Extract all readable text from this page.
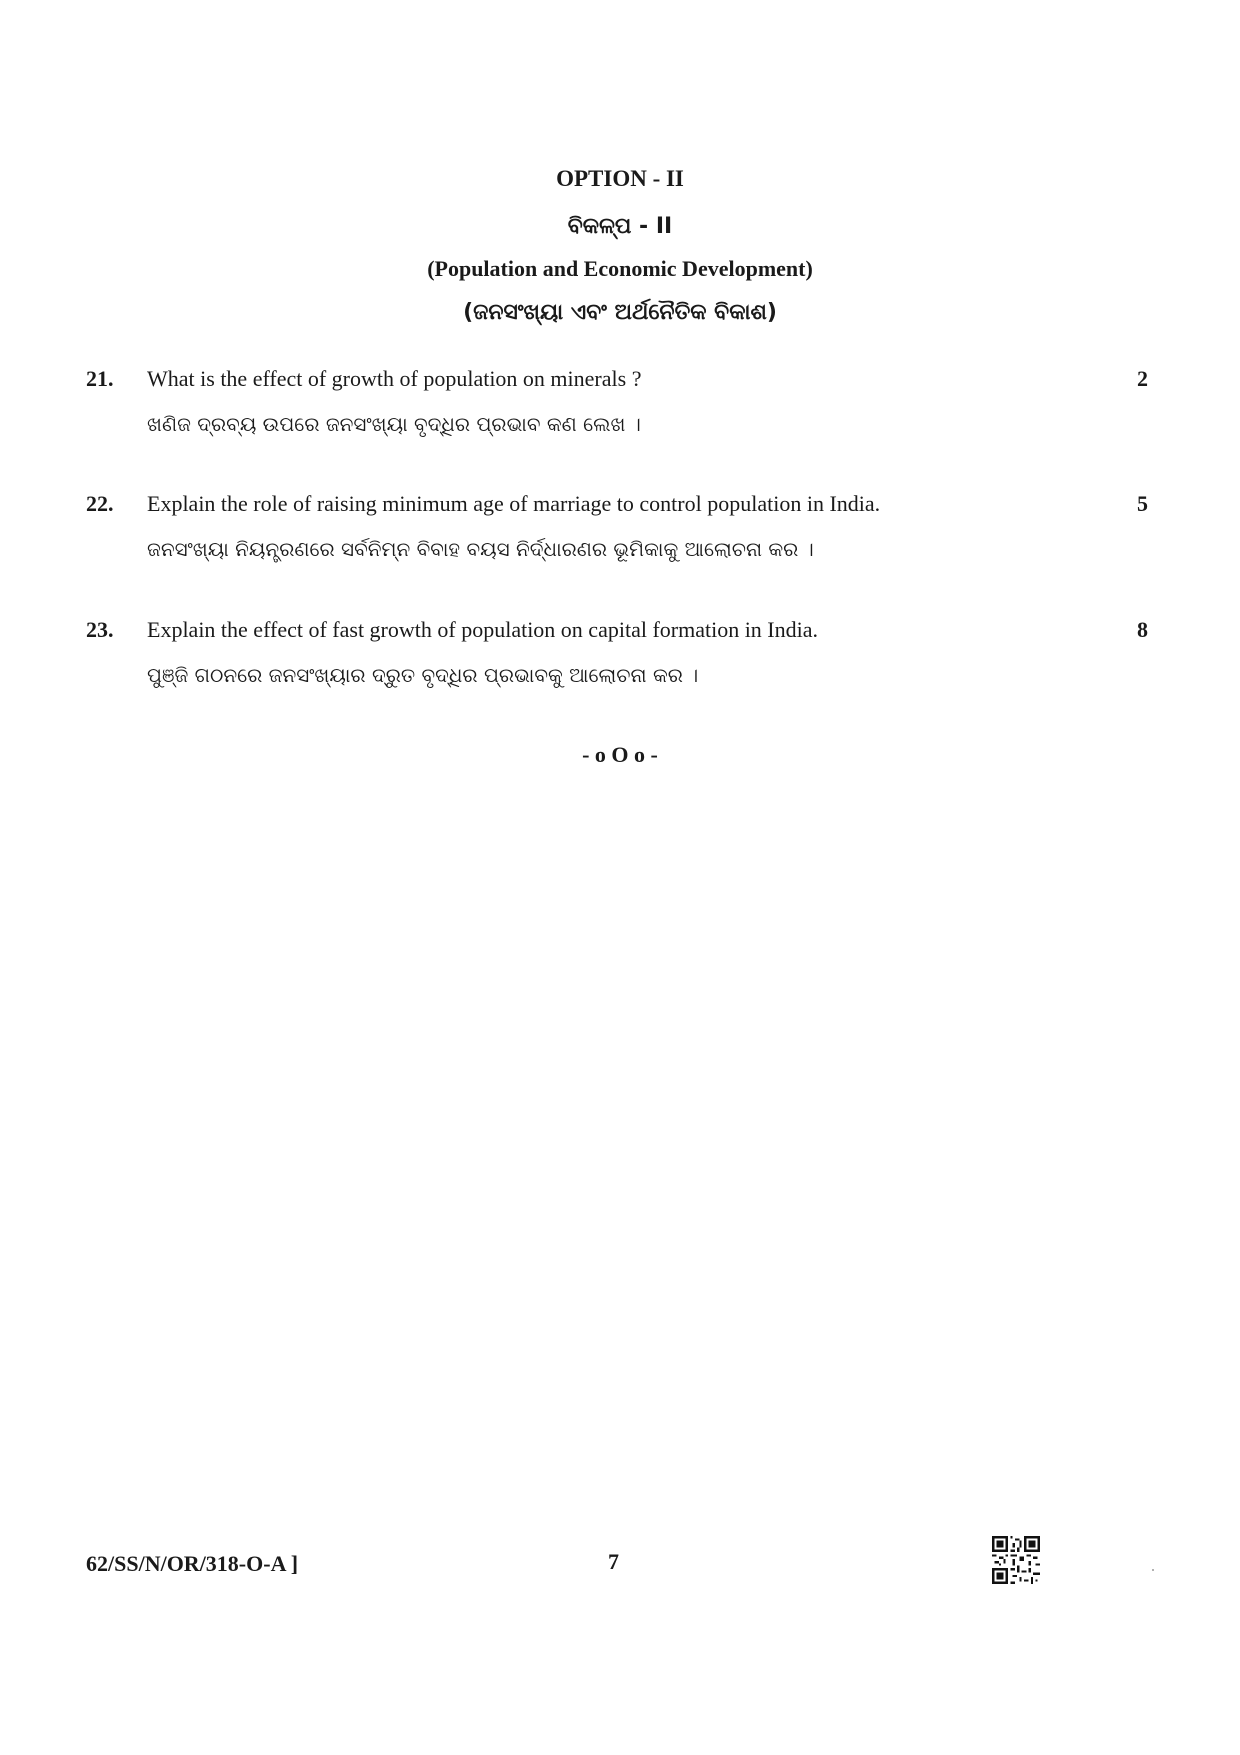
OPTION - II
ବିକଳ୍ପ - II
(Population and Economic Development)
(ଜନସଂଖ୍ୟା ଏବଂ ଅର୍ଥନୈତିକ ବିକାଶ)
21. What is the effect of growth of population on minerals ?	2
ଖଣିଜ ଦ୍ରବ୍ୟ ଉପରେ ଜନସଂଖ୍ୟା ବୃଦ୍ଧିର ପ୍ରଭାବ କଣ ଲେଖ ।
22. Explain the role of raising minimum age of marriage to control population in India.	5
ଜନସଂଖ୍ୟା ନିୟନ୍ତ୍ରଣରେ ସର୍ବନିମ୍ନ ବିବାହ ବୟସ ନିର୍ଦ୍ଧାରଣର ଭୂମିକାକୁ ଆଲୋଚନା କର ।
23. Explain the effect of fast growth of population on capital formation in India.	8
ପୁଞ୍ଜି ଗଠନରେ ଜନସଂଖ୍ୟାର ଦ୍ରୁତ ବୃଦ୍ଧିର ପ୍ରଭାବକୁ ଆଲୋଚନା କର ।
- o O o -
62/SS/N/OR/318-O-A ]	7
